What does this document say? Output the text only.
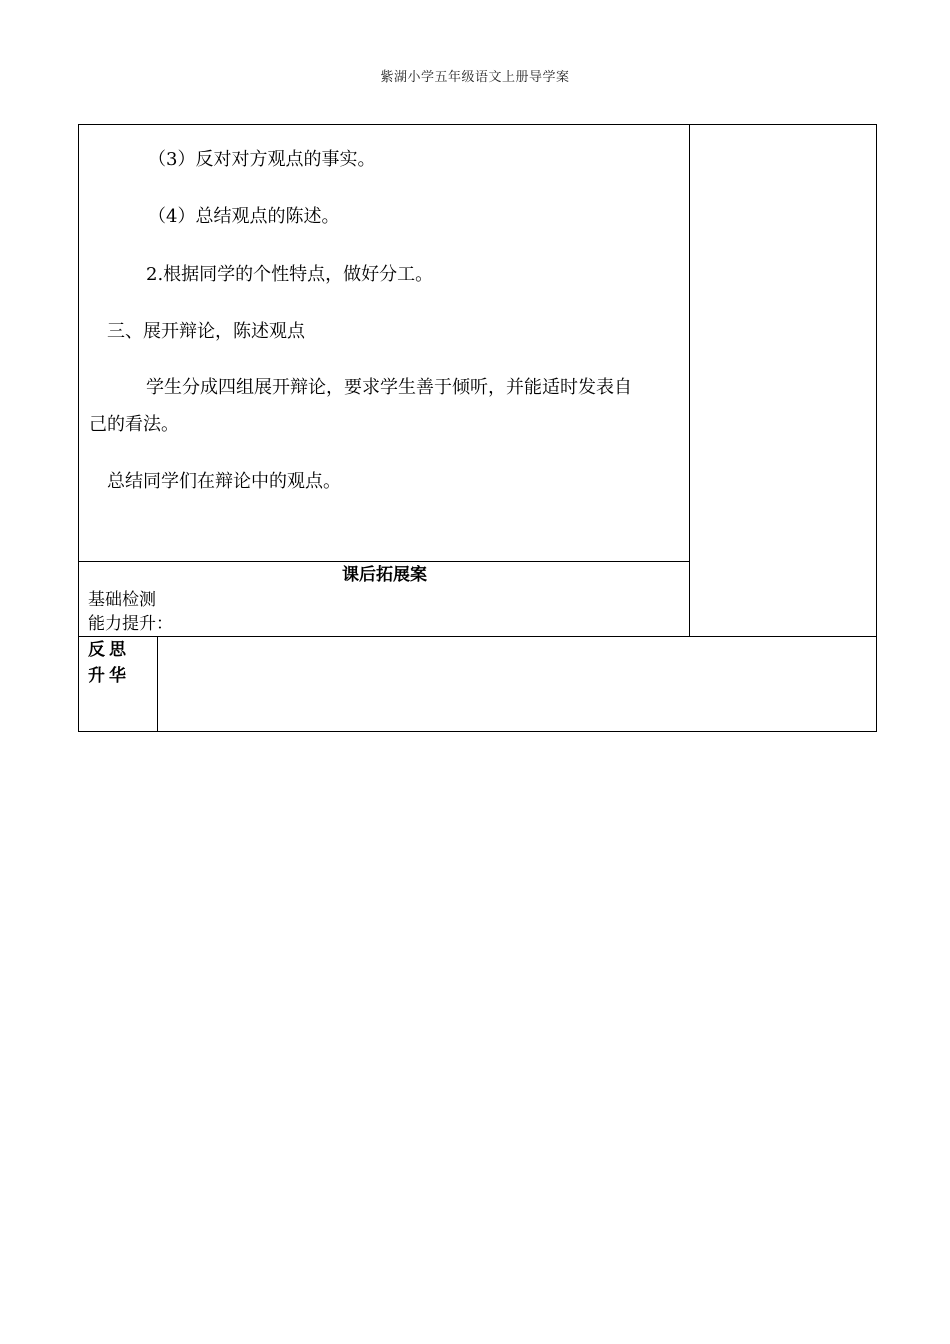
紫湖小学五年级语文上册导学案
（3）反对对方观点的事实。
（4）总结观点的陈述。
2.根据同学的个性特点，做好分工。
三、展开辩论，陈述观点
学生分成四组展开辩论，要求学生善于倾听，并能适时发表自
己的看法。
总结同学们在辩论中的观点。
课后拓展案
基础检测
能力提升：
反思
升华
